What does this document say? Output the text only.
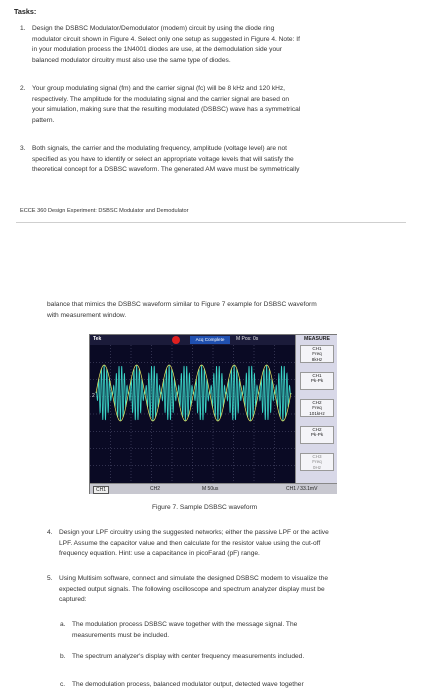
Tasks:
1. Design the DSBSC Modulator/Demodulator (modem) circuit by using the diode ring
modulator circuit shown in Figure 4. Select only one setup as suggested in Figure 4. Note: If
in your modulation process the 1N4001 diodes are use, at the demodulation side your
balanced modulator circuitry must also use the same type of diodes.
2. Your group modulating signal (fm) and the carrier signal (fc) will be 8 kHz and 120 kHz,
respectively. The amplitude for the modulating signal and the carrier signal are based on
your simulation, making sure that the resulting modulated (DSBSC) wave has a symmetrical
pattern.
3. Both signals, the carrier and the modulating frequency, amplitude (voltage level) are not
specified as you have to identify or select an appropriate voltage levels that will satisfy the
theoretical concept for a DSBSC waveform. The generated AM wave must be symmetrically
ECCE 360 Design Experiment: DSBSC Modulator and Demodulator
balance that mimics the DSBSC waveform similar to Figure 7 example for DSBSC waveform
with measurement window.
Tek	Acq Complete	M Pos: 0s
2
MEASURE
CH1
Freq
8kHz
CH1
Pk-Pk

CH2
Freq
101kHz
CH2
Pk-Pk

CH3
Freq
0Hz
CH1	CH2	M 50us	CH1 / 33.1mV
Figure 7. Sample DSBSC waveform
4. Design your LPF circuitry using the suggested networks; either the passive LPF or the active
LPF. Assume the capacitor value and then calculate for the resistor value using the cut-off
frequency equation. Hint: use a capacitance in picoFarad (pF) range.
5. Using Multisim software, connect and simulate the designed DSBSC modem to visualize the
expected output signals. The following oscilloscope and spectrum analyzer display must be
captured:
a. The modulation process DSBSC wave together with the message signal. The
measurements must be included.
b. The spectrum analyzer's display with center frequency measurements included.
c. The demodulation process, balanced modulator output, detected wave together
